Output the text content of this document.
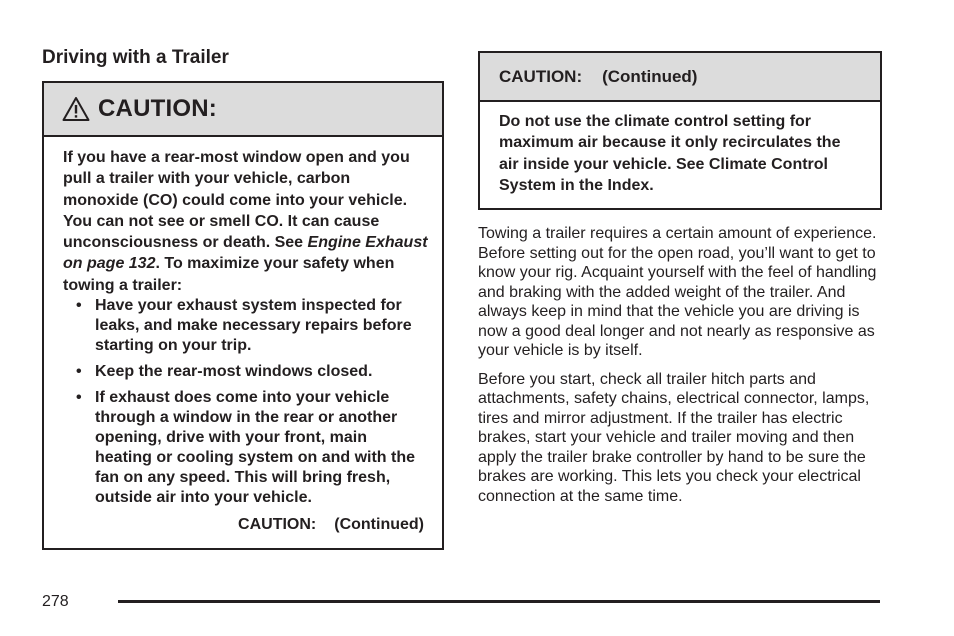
Driving with a Trailer
CAUTION:

If you have a rear-most window open and you pull a trailer with your vehicle, carbon monoxide (CO) could come into your vehicle. You can not see or smell CO. It can cause unconsciousness or death. See Engine Exhaust on page 132. To maximize your safety when towing a trailer:

• Have your exhaust system inspected for leaks, and make necessary repairs before starting on your trip.
• Keep the rear-most windows closed.
• If exhaust does come into your vehicle through a window in the rear or another opening, drive with your front, main heating or cooling system on and with the fan on any speed. This will bring fresh, outside air into your vehicle.
CAUTION: (Continued)
CAUTION: (Continued)

Do not use the climate control setting for maximum air because it only recirculates the air inside your vehicle. See Climate Control System in the Index.

Towing a trailer requires a certain amount of experience. Before setting out for the open road, you’ll want to get to know your rig. Acquaint yourself with the feel of handling and braking with the added weight of the trailer. And always keep in mind that the vehicle you are driving is now a good deal longer and not nearly as responsive as your vehicle is by itself.

Before you start, check all trailer hitch parts and attachments, safety chains, electrical connector, lamps, tires and mirror adjustment. If the trailer has electric brakes, start your vehicle and trailer moving and then apply the trailer brake controller by hand to be sure the brakes are working. This lets you check your electrical connection at the same time.

278
